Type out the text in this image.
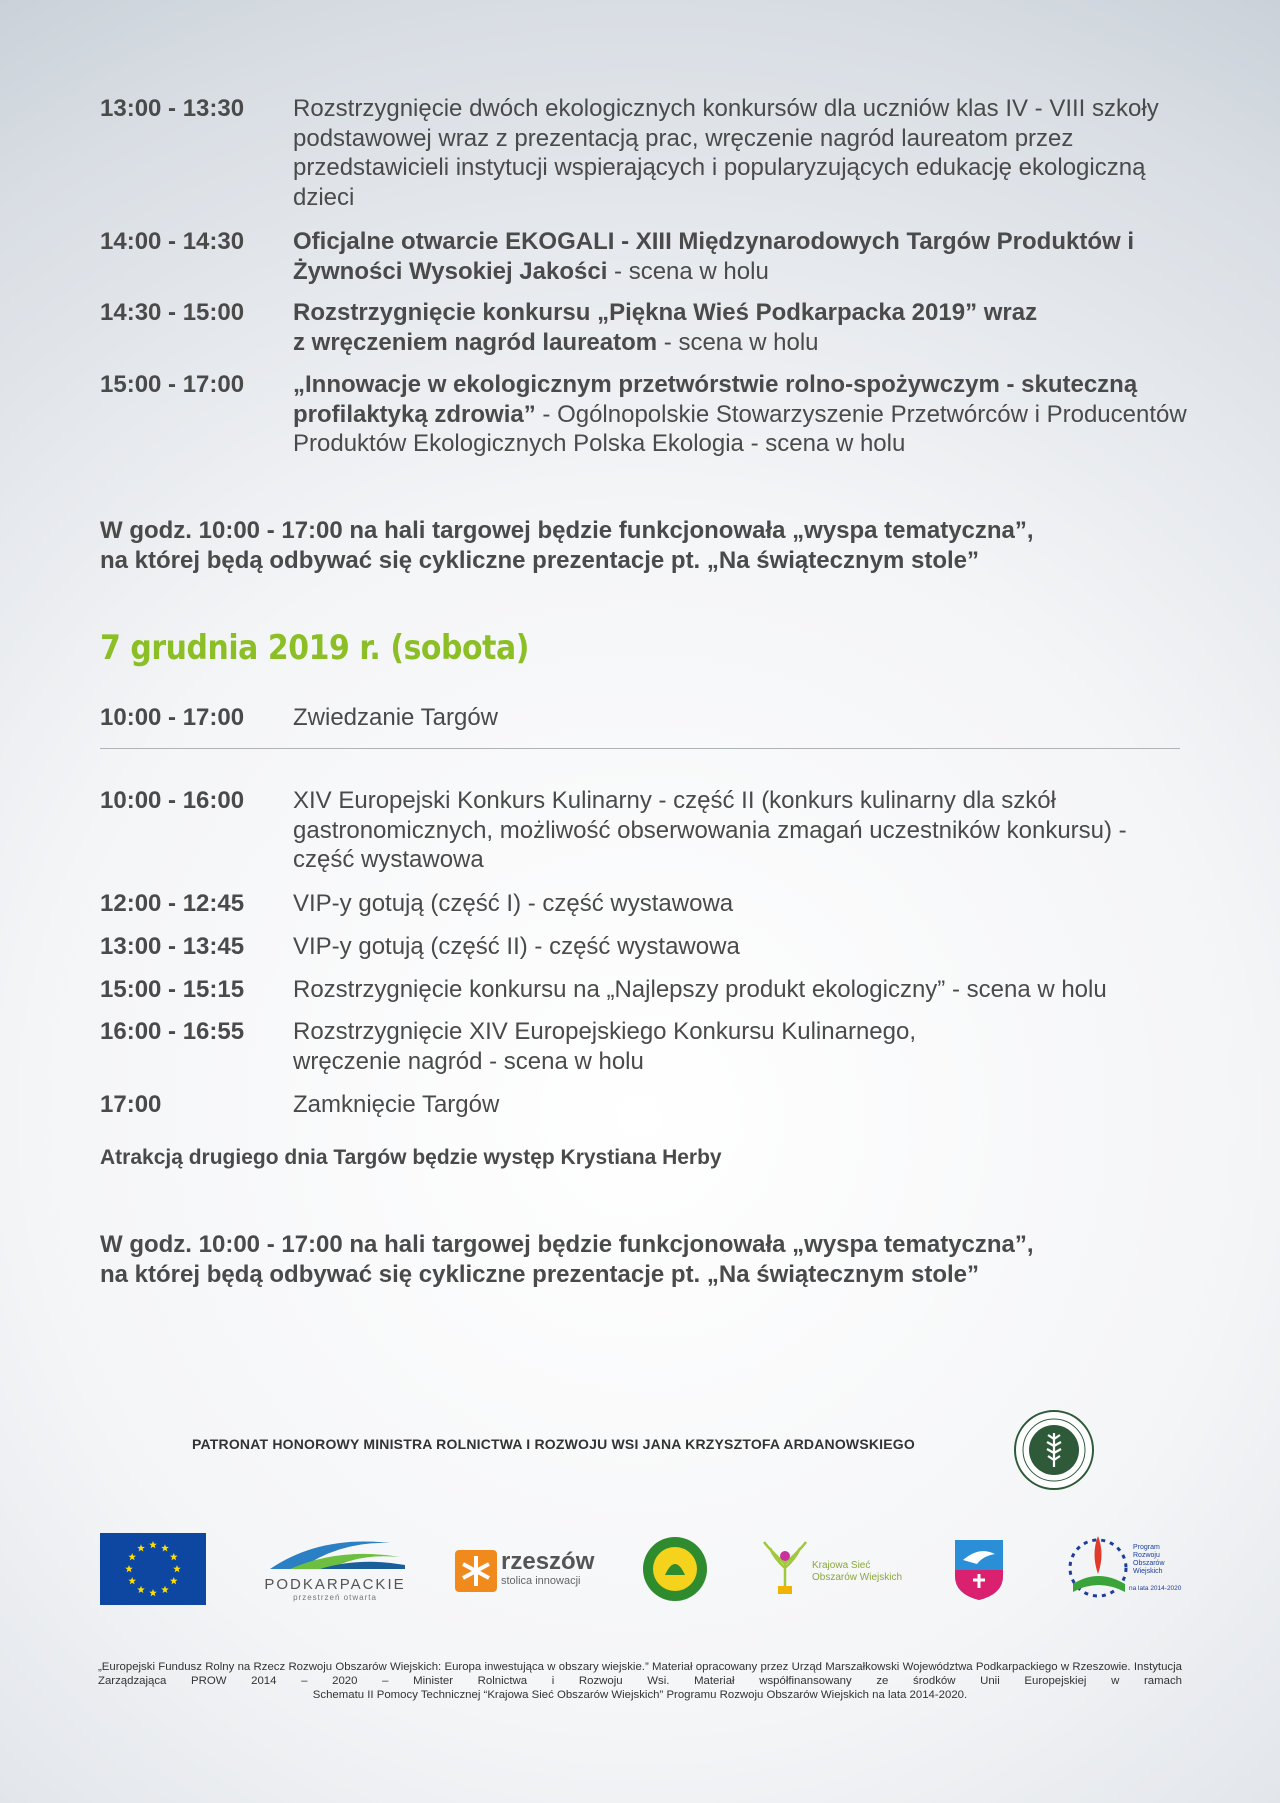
13:00 - 13:30	Rozstrzygnięcie dwóch ekologicznych konkursów dla uczniów klas IV - VIII szkoły podstawowej wraz z prezentacją prac, wręczenie nagród laureatom przez przedstawicieli instytucji wspierających i popularyzujących edukację ekologiczną dzieci
14:00 - 14:30	Oficjalne otwarcie EKOGALI - XIII Międzynarodowych Targów Produktów i Żywności Wysokiej Jakości - scena w holu
14:30 - 15:00	Rozstrzygnięcie konkursu „Piękna Wieś Podkarpacka 2019” wraz z wręczeniem nagród laureatom - scena w holu
15:00 - 17:00	„Innowacje w ekologicznym przetwórstwie rolno-spożywczym - skuteczną profilaktyką zdrowia” - Ogólnopolskie Stowarzyszenie Przetwórców i Producentów Produktów Ekologicznych Polska Ekologia - scena w holu
W godz. 10:00 - 17:00 na hali targowej będzie funkcjonowała „wyspa tematyczna”,
na której będą odbywać się cykliczne prezentacje pt. „Na świątecznym stole”
7 grudnia 2019 r. (sobota)
10:00 - 17:00	Zwiedzanie Targów
10:00 - 16:00	XIV Europejski Konkurs Kulinarny - część II (konkurs kulinarny dla szkół gastronomicznych, możliwość obserwowania zmagań uczestników konkursu) - część wystawowa
12:00 - 12:45	VIP-y gotują (część I) - część wystawowa
13:00 - 13:45	VIP-y gotują (część II) - część wystawowa
15:00 - 15:15	Rozstrzygnięcie konkursu na „Najlepszy produkt ekologiczny” - scena w holu
16:00 - 16:55	Rozstrzygnięcie XIV Europejskiego Konkursu Kulinarnego, wręczenie nagród - scena w holu
17:00	Zamknięcie Targów
Atrakcją drugiego dnia Targów będzie występ Krystiana Herby
W godz. 10:00 - 17:00 na hali targowej będzie funkcjonowała „wyspa tematyczna”,
na której będą odbywać się cykliczne prezentacje pt. „Na świątecznym stole”
PATRONAT HONOROWY MINISTRA ROLNICTWA I ROZWOJU WSI JANA KRZYSZTOFA ARDANOWSKIEGO
PODKARPACKIE
przestrzeń otwarta
rzeszów
stolica innowacji
Krajowa Sieć
Obszarów Wiejskich
Program
Rozwoju
Obszarów
Wiejskich
na lata 2014-2020
„Europejski Fundusz Rolny na Rzecz Rozwoju Obszarów Wiejskich: Europa inwestująca w obszary wiejskie.” Materiał opracowany przez Urząd Marszałkowski Województwa Podkarpackiego w Rzeszowie. Instytucja Zarządzająca PROW 2014 – 2020 – Minister Rolnictwa i Rozwoju Wsi. Materiał współfinansowany ze środków Unii Europejskiej w ramach
Schematu II Pomocy Technicznej “Krajowa Sieć Obszarów Wiejskich” Programu Rozwoju Obszarów Wiejskich na lata 2014-2020.
